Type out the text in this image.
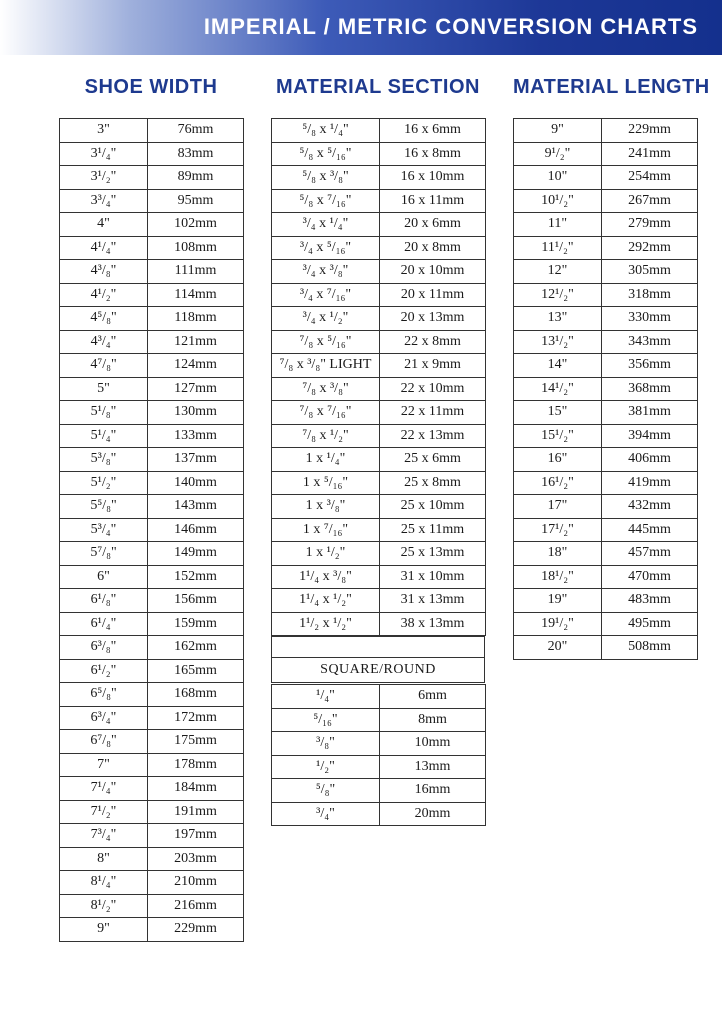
IMPERIAL / METRIC CONVERSION CHARTS
SHOE WIDTH	MATERIAL SECTION MATERIAL LENGTH
3"	76mm
3¹/₄"	83mm
3¹/₂"	89mm
3³/₄"	95mm
4"	102mm
4¹/₄"	108mm
4³/₈"	111mm
4¹/₂"	114mm
4⁵/₈"	118mm
4³/₄"	121mm
4⁷/₈"	124mm
5"	127mm
5¹/₈"	130mm
5¹/₄"	133mm
5³/₈"	137mm
5¹/₂"	140mm
5⁵/₈"	143mm
5³/₄"	146mm
5⁷/₈"	149mm
6"	152mm
6¹/₈"	156mm
6¹/₄"	159mm
6³/₈"	162mm
6¹/₂"	165mm
6⁵/₈"	168mm
6³/₄"	172mm
6⁷/₈"	175mm
7"	178mm
7¹/₄"	184mm
7¹/₂"	191mm
7³/₄"	197mm
8"	203mm
8¹/₄"	210mm
8¹/₂"	216mm
9"	229mm
⁵/₈ x ¹/₄"	16 x 6mm
⁵/₈ x ⁵/₁₆"	16 x 8mm
⁵/₈ x ³/₈"	16 x 10mm
⁵/₈ x ⁷/₁₆"	16 x 11mm
³/₄ x ¹/₄"	20 x 6mm
³/₄ x ⁵/₁₆"	20 x 8mm
³/₄ x ³/₈"	20 x 10mm
³/₄ x ⁷/₁₆"	20 x 11mm
³/₄ x ¹/₂"	20 x 13mm
⁷/₈ x ⁵/₁₆"	22 x 8mm
⁷/₈ x ³/₈" LIGHT	21 x 9mm
⁷/₈ x ³/₈"	22 x 10mm
⁷/₈ x ⁷/₁₆"	22 x 11mm
⁷/₈ x ¹/₂"	22 x 13mm
1 x ¹/₄"	25 x 6mm
1 x ⁵/₁₆"	25 x 8mm
1 x ³/₈"	25 x 10mm
1 x ⁷/₁₆"	25 x 11mm
1 x ¹/₂"	25 x 13mm
1¹/₄ x ³/₈"	31 x 10mm
1¹/₄ x ¹/₂"	31 x 13mm
1¹/₂ x ¹/₂"	38 x 13mm

SQUARE/ROUND
¹/₄"	6mm
⁵/₁₆"	8mm
³/₈"	10mm
¹/₂"	13mm
⁵/₈"	16mm
³/₄"	20mm
9"	229mm
9¹/₂"	241mm
10"	254mm
10¹/₂"	267mm
11"	279mm
11¹/₂"	292mm
12"	305mm
12¹/₂"	318mm
13"	330mm
13¹/₂"	343mm
14"	356mm
14¹/₂"	368mm
15"	381mm
15¹/₂"	394mm
16"	406mm
16¹/₂"	419mm
17"	432mm
17¹/₂"	445mm
18"	457mm
18¹/₂"	470mm
19"	483mm
19¹/₂"	495mm
20"	508mm
